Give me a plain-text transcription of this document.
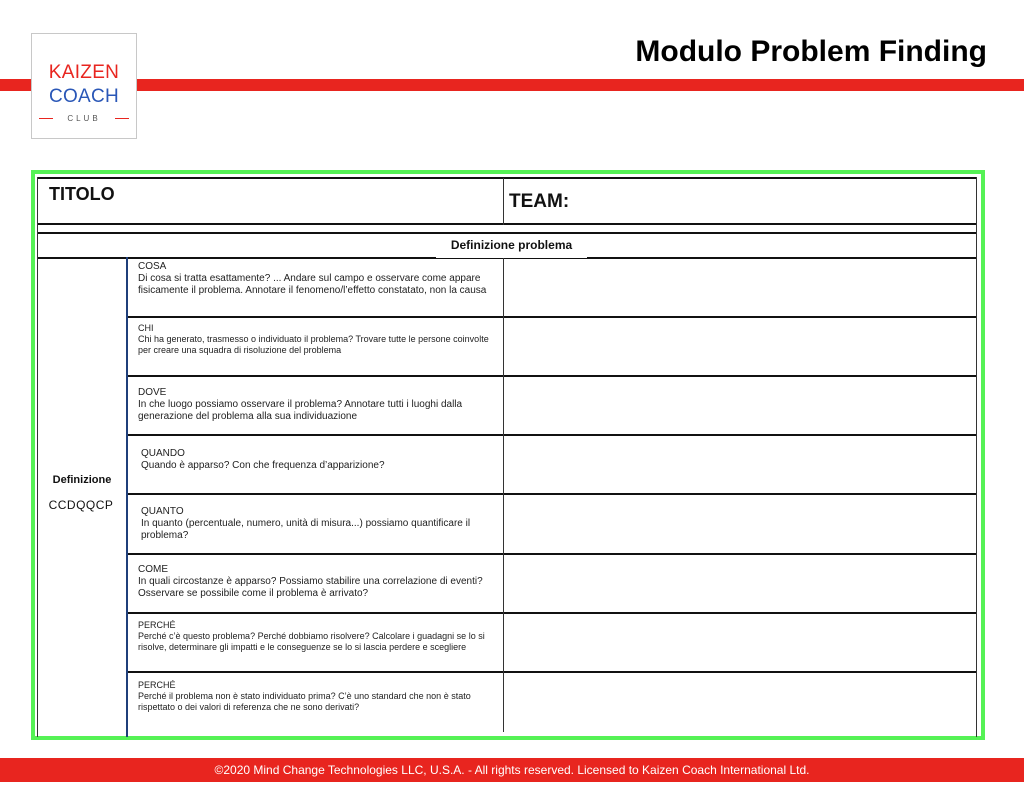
KAIZEN
COACH
CLUB
Modulo Problem Finding
TITOLO	TEAM:
Definizione problema
Definizione
CCDQQCP
COSA
Di cosa si tratta esattamente? ... Andare sul campo e osservare come appare fisicamente il problema. Annotare il fenomeno/l’effetto constatato, non la causa
CHI
Chi ha generato, trasmesso o individuato il problema? Trovare tutte le persone coinvolte per creare una squadra di risoluzione del problema
DOVE
In che luogo possiamo osservare il problema? Annotare tutti i luoghi dalla generazione del problema alla sua individuazione
QUANDO
Quando è apparso? Con che frequenza d’apparizione?
QUANTO
In quanto (percentuale, numero, unità di misura...) possiamo quantificare il problema?
COME
In quali circostanze è apparso? Possiamo stabilire una correlazione di eventi? Osservare se possibile come il problema è arrivato?
PERCHÉ
Perché c’è questo problema? Perché dobbiamo risolvere? Calcolare i guadagni se lo si risolve, determinare gli impatti e le conseguenze se lo si lascia perdere e scegliere
PERCHÉ
Perché il problema non è stato individuato prima? C’è uno standard che non è stato rispettato o dei valori di referenza che ne sono derivati?
©2020 Mind Change Technologies LLC, U.S.A. - All rights reserved. Licensed to Kaizen Coach International Ltd.
